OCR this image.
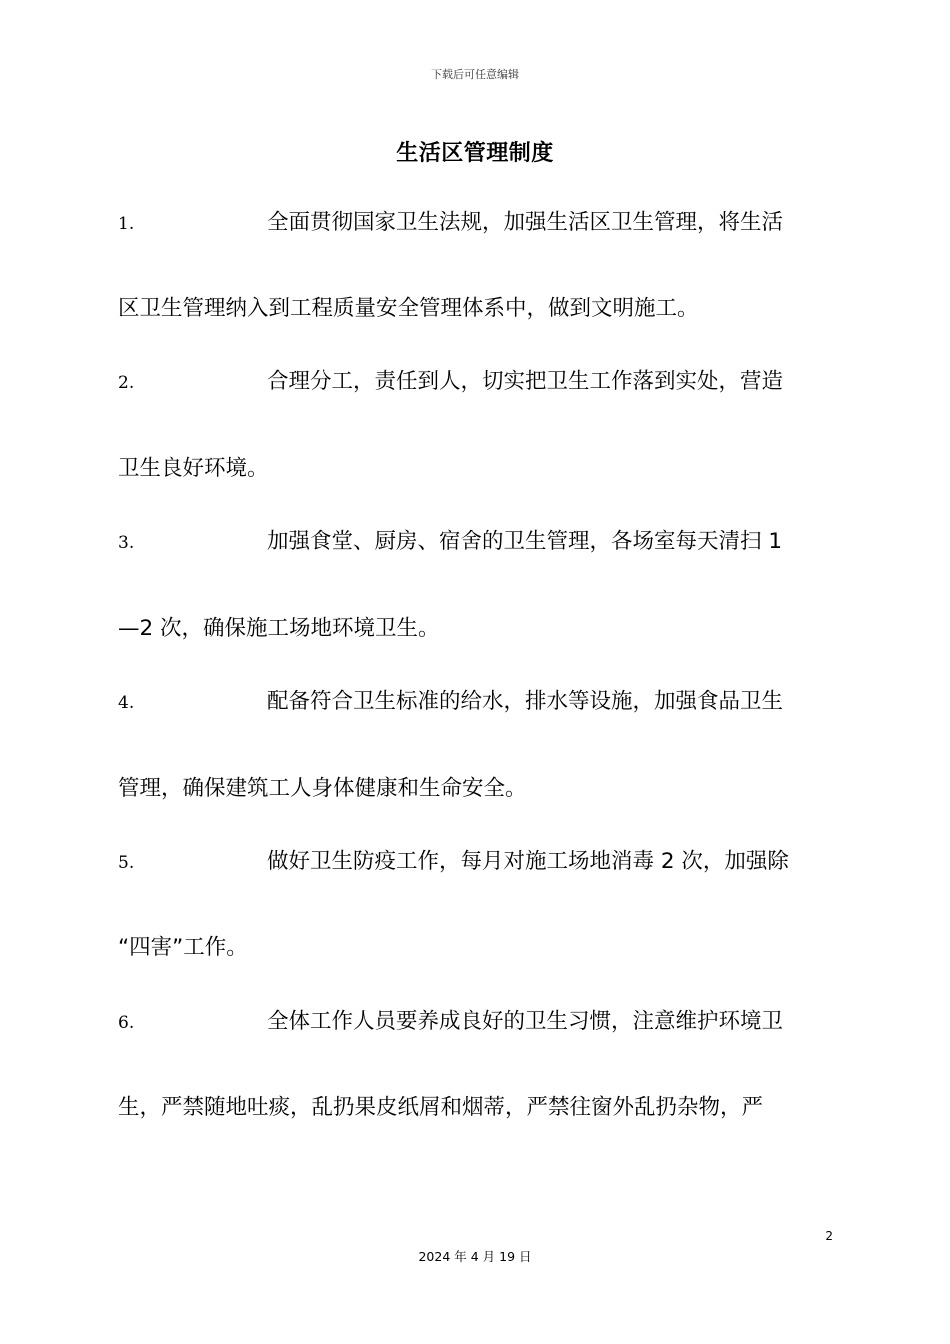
下载后可任意编辑
生活区管理制度
1.	全面贯彻国家卫生法规，加强生活区卫生管理，将生活
区卫生管理纳入到工程质量安全管理体系中，做到文明施工。
2.	合理分工，责任到人，切实把卫生工作落到实处，营造
卫生良好环境。
3.	加强食堂、厨房、宿舍的卫生管理，各场室每天清扫 1
—2 次，确保施工场地环境卫生。
4.	配备符合卫生标准的给水，排水等设施，加强食品卫生
管理，确保建筑工人身体健康和生命安全。
5.	做好卫生防疫工作，每月对施工场地消毒 2 次，加强除
“四害”工作。
6.	全体工作人员要养成良好的卫生习惯，注意维护环境卫
生，严禁随地吐痰，乱扔果皮纸屑和烟蒂，严禁往窗外乱扔杂物，严
2
2024 年 4 月 19 日
